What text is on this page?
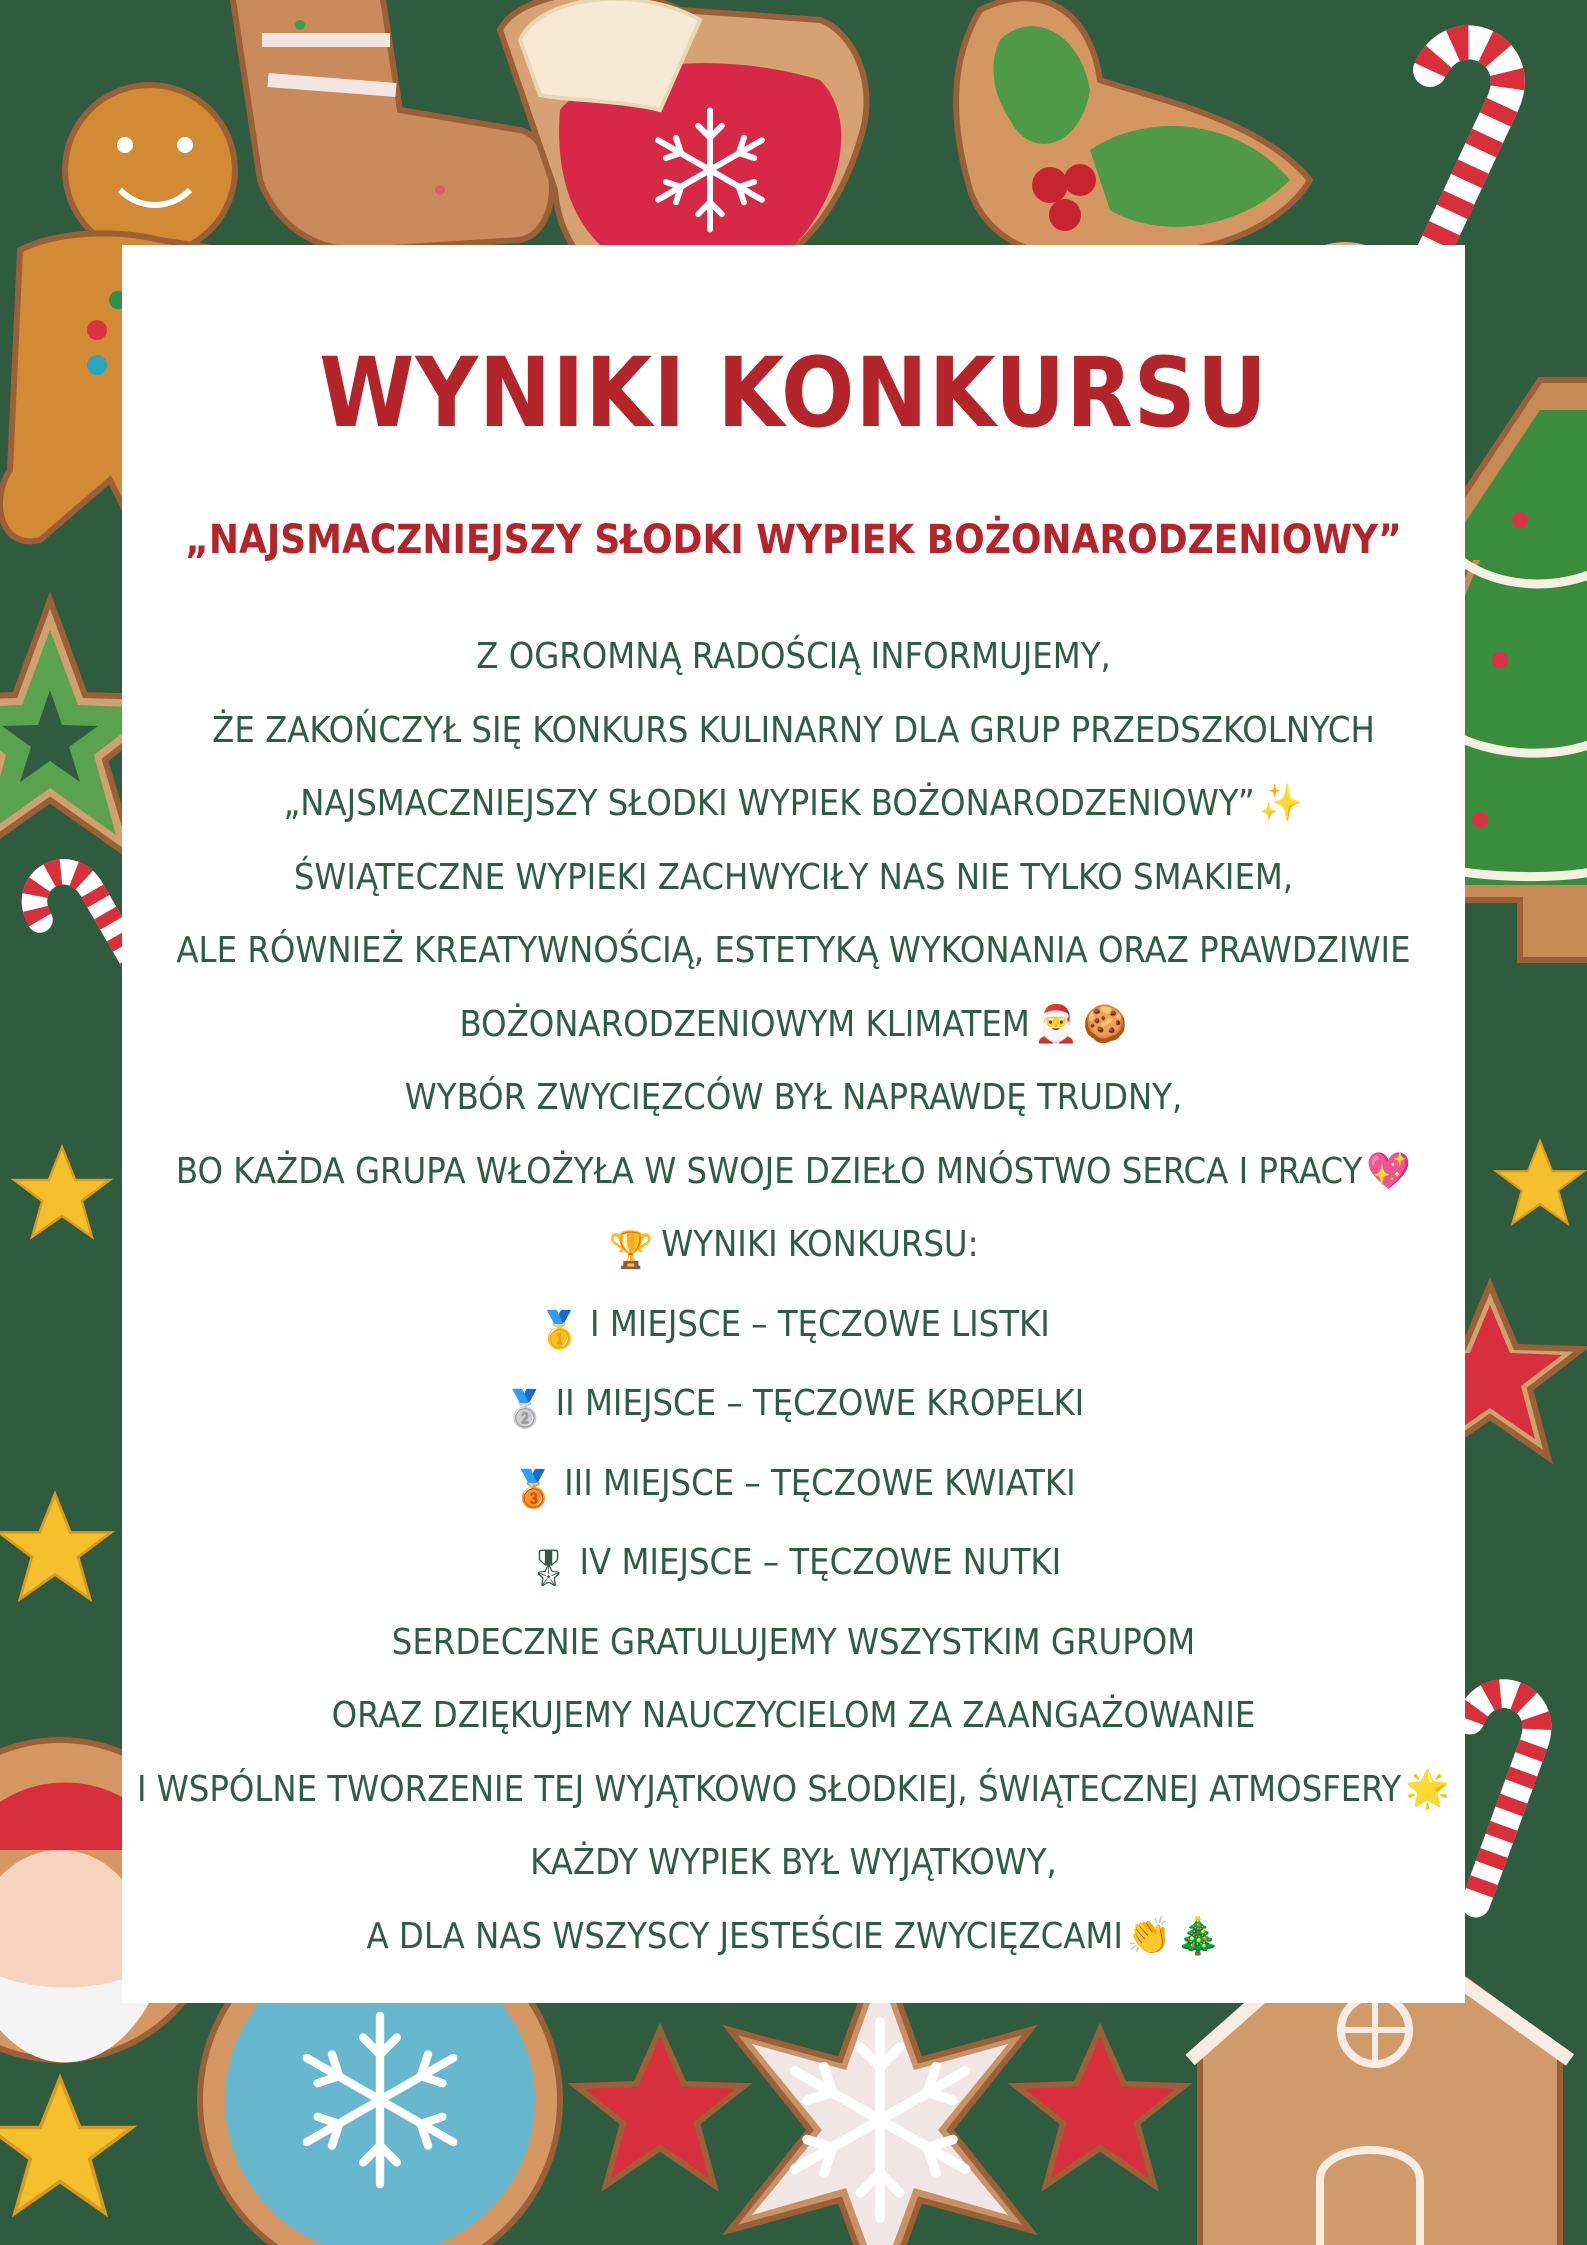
WYNIKI KONKURSU
„NAJSMACZNIEJSZY SŁODKI WYPIEK BOŻONARODZENIOWY”
Z OGROMNĄ RADOŚCIĄ INFORMUJEMY,
ŻE ZAKOŃCZYŁ SIĘ KONKURS KULINARNY DLA GRUP PRZEDSZKOLNYCH
„NAJSMACZNIEJSZY SŁODKI WYPIEK BOŻONARODZENIOWY” ✨
ŚWIĄTECZNE WYPIEKI ZACHWYCIŁY NAS NIE TYLKO SMAKIEM,
ALE RÓWNIEŻ KREATYWNOŚCIĄ, ESTETYKĄ WYKONANIA ORAZ PRAWDZIWIE
BOŻONARODZENIOWYM KLIMATEM 🎅 🍪
WYBÓR ZWYCIĘZCÓW BYŁ NAPRAWDĘ TRUDNY,
BO KAŻDA GRUPA WŁOŻYŁA W SWOJE DZIEŁO MNÓSTWO SERCA I PRACY 💖
🏆 WYNIKI KONKURSU:
🥇 I MIEJSCE – TĘCZOWE LISTKI
🥈 II MIEJSCE – TĘCZOWE KROPELKI
🥉 III MIEJSCE – TĘCZOWE KWIATKI
🎖 IV MIEJSCE – TĘCZOWE NUTKI
SERDECZNIE GRATULUJEMY WSZYSTKIM GRUPOM
ORAZ DZIĘKUJEMY NAUCZYCIELOM ZA ZAANGAŻOWANIE
I WSPÓLNE TWORZENIE TEJ WYJĄTKOWO SŁODKIEJ, ŚWIĄTECZNEJ ATMOSFERY 🌟
KAŻDY WYPIEK BYŁ WYJĄTKOWY,
A DLA NAS WSZYSCY JESTEŚCIE ZWYCIĘZCAMI 👏 🎄
